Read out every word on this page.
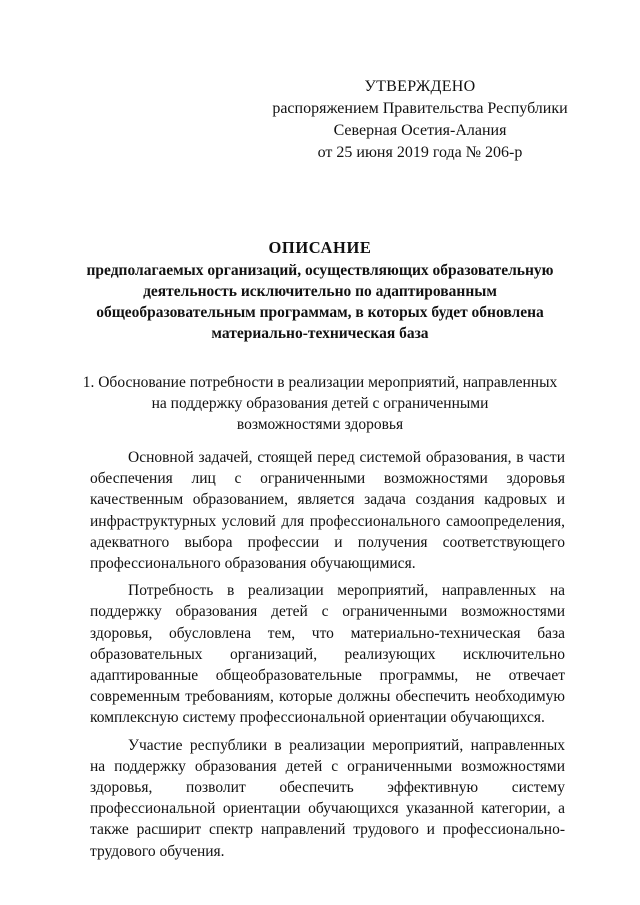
УТВЕРЖДЕНО
распоряжением Правительства Республики
Северная Осетия-Алания
от 25 июня 2019 года № 206-р
ОПИСАНИЕ
предполагаемых организаций, осуществляющих образовательную
деятельность исключительно по адаптированным
общеобразовательным программам, в которых будет обновлена
материально-техническая база
1. Обоснование потребности в реализации мероприятий, направленных
на поддержку образования детей с ограниченными
возможностями здоровья

Основной задачей, стоящей перед системой образования, в части обеспечения лиц с ограниченными возможностями здоровья качественным образованием, является задача создания кадровых и инфраструктурных условий для профессионального самоопределения, адекватного выбора профессии и получения соответствующего профессионального образования обучающимися.

Потребность в реализации мероприятий, направленных на поддержку образования детей с ограниченными возможностями здоровья, обусловлена тем, что материально-техническая база образовательных организаций, реализующих исключительно адаптированные общеобразовательные программы, не отвечает современным требованиям, которые должны обеспечить необходимую комплексную систему профессиональной ориентации обучающихся.

Участие республики в реализации мероприятий, направленных на поддержку образования детей с ограниченными возможностями здоровья, позволит обеспечить эффективную систему профессиональной ориентации обучающихся указанной категории, а также расширит спектр направлений трудового и профессионально-трудового обучения.
